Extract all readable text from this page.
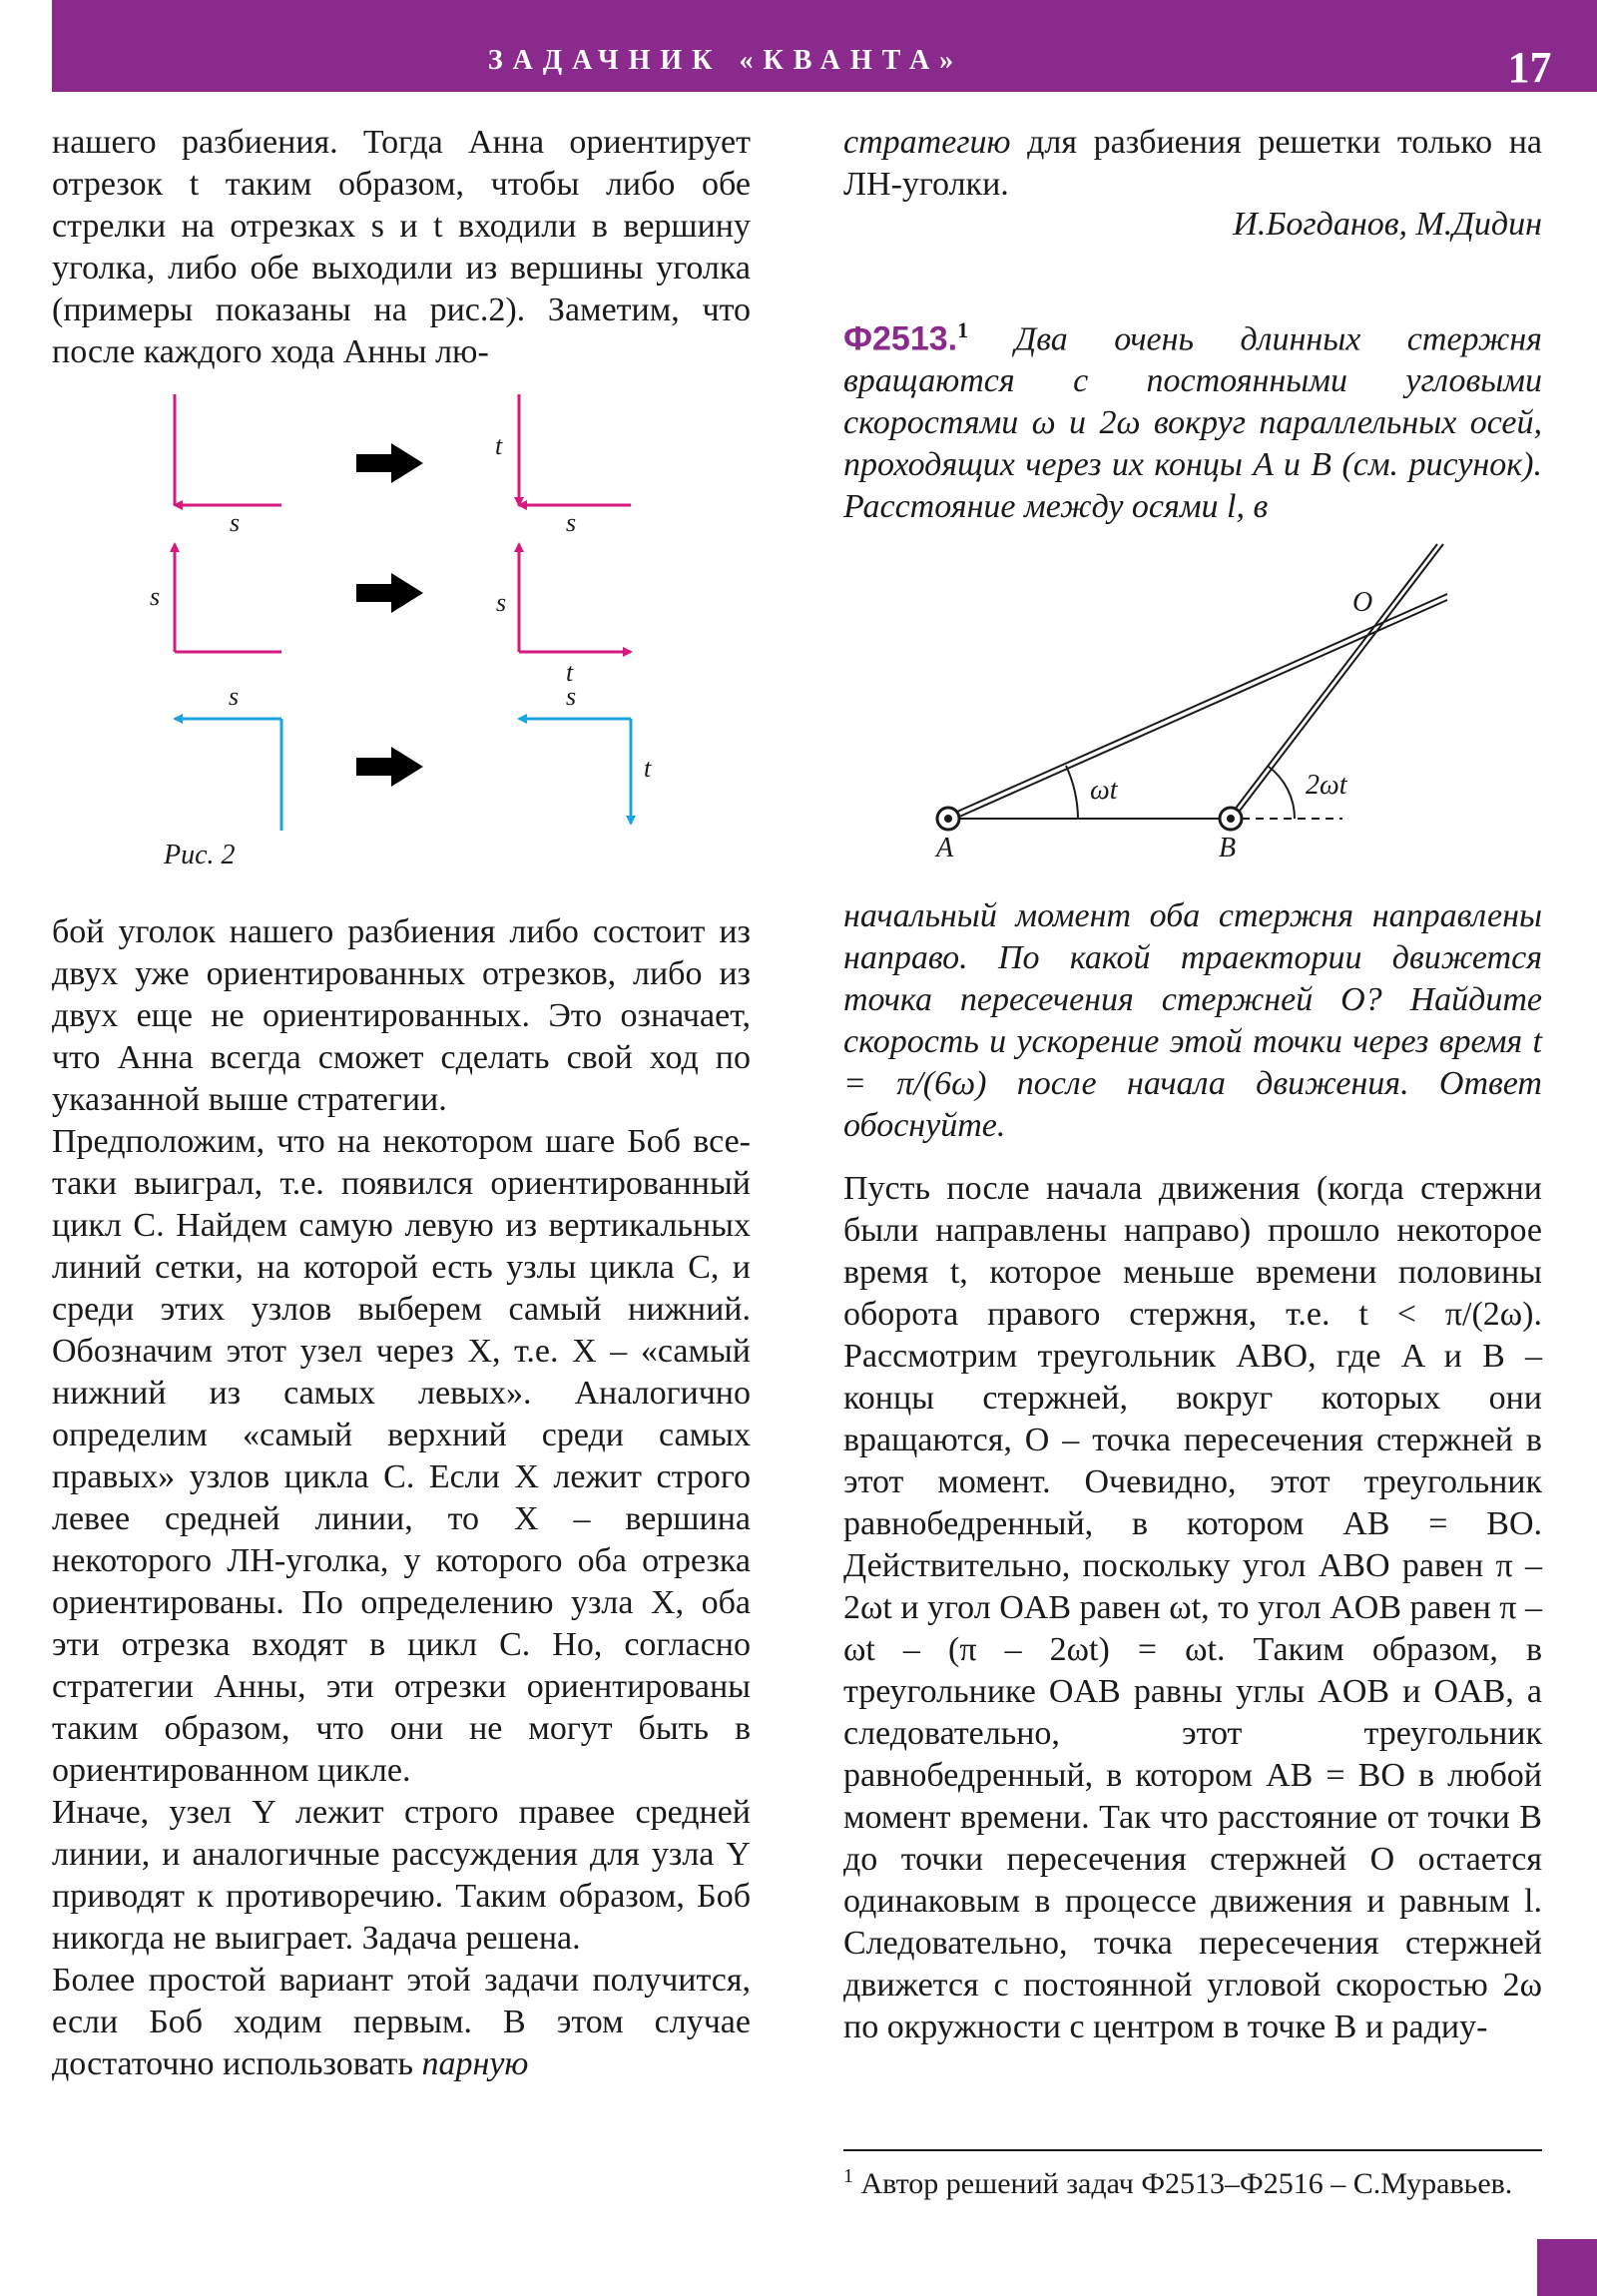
ЗАДАЧНИК «КВАНТА»	17

нашего разбиения. Тогда Анна ориентирует отрезок t таким образом, чтобы либо обе стрелки на отрезках s и t входили в вершину уголка, либо обе выходили из вершины уголка (примеры показаны на рис.2). Заметим, что после каждого хода Анны лю-

s
t
s
s	s
t
s	s
t
Рис. 2

бой уголок нашего разбиения либо состоит из двух уже ориентированных отрезков, либо из двух еще не ориентированных. Это означает, что Анна всегда сможет сделать свой ход по указанной выше стратегии.

Предположим, что на некотором шаге Боб все-таки выиграл, т.е. появился ориентированный цикл C. Найдем самую левую из вертикальных линий сетки, на которой есть узлы цикла C, и среди этих узлов выберем самый нижний. Обозначим этот узел через X, т.е. X – «самый нижний из самых левых». Аналогично определим «самый верхний среди самых правых» узлов цикла C. Если X лежит строго левее средней линии, то X – вершина некоторого ЛН-уголка, у которого оба отрезка ориентированы. По определению узла X, оба эти отрезка входят в цикл C. Но, согласно стратегии Анны, эти отрезки ориентированы таким образом, что они не могут быть в ориентированном цикле.

Иначе, узел Y лежит строго правее средней линии, и аналогичные рассуждения для узла Y приводят к противоречию. Таким образом, Боб никогда не выиграет. Задача решена.

Более простой вариант этой задачи получится, если Боб ходим первым. В этом случае достаточно использовать парную

стратегию для разбиения решетки только на ЛН-уголки.

И.Богданов, М.Дидин

Ф2513.$^1$ Два очень длинных стержня вращаются с постоянными угловыми скоростями ω и 2ω вокруг параллельных осей, проходящих через их концы A и B (см. рисунок). Расстояние между осями l, в

A	B
O
ωt	2ωt

начальный момент оба стержня направлены направо. По какой траектории движется точка пересечения стержней O? Найдите скорость и ускорение этой точки через время t = π/(6ω) после начала движения. Ответ обоснуйте.

Пусть после начала движения (когда стержни были направлены направо) прошло некоторое время t, которое меньше времени половины оборота правого стержня, т.е. t < π/(2ω). Рассмотрим треугольник ABO, где A и B – концы стержней, вокруг которых они вращаются, O – точка пересечения стержней в этот момент. Очевидно, этот треугольник равнобедренный, в котором AB = BO. Действительно, поскольку угол ABO равен π – 2ωt и угол OAB равен ωt, то угол AOB равен π – ωt – (π – 2ωt) = ωt. Таким образом, в треугольнике OAB равны углы AOB и OAB, а следовательно, этот треугольник равнобедренный, в котором AB = BO в любой момент времени. Так что расстояние от точки B до точки пересечения стержней O остается одинаковым в процессе движения и равным l. Следовательно, точка пересечения стержней движется с постоянной угловой скоростью 2ω по окружности с центром в точке B и радиу-

$^1$ Автор решений задач Ф2513–Ф2516 – С.Муравьев.
